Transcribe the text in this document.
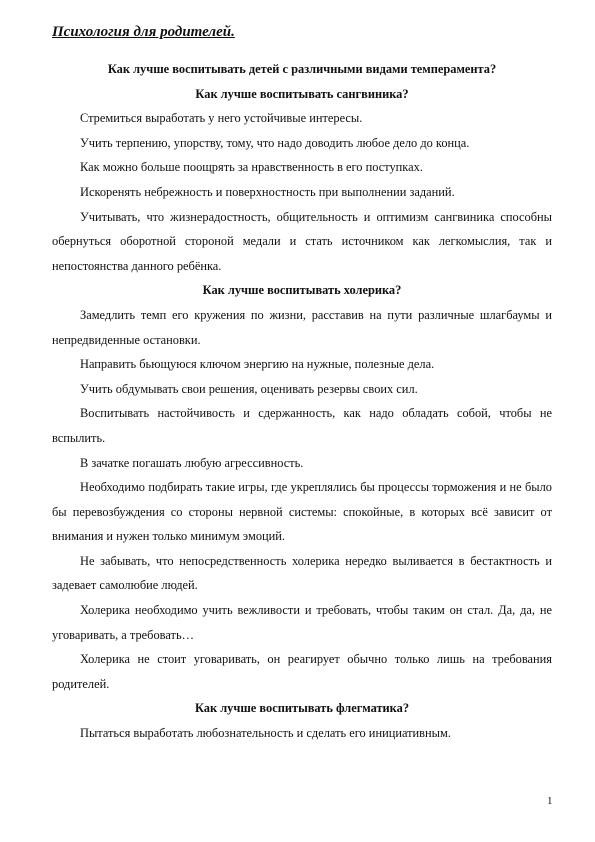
Психология для родителей.

Как лучше воспитывать детей с различными видами темперамента?

Как лучше воспитывать сангвиника?

Стремиться выработать у него устойчивые интересы.

Учить терпению, упорству, тому, что надо доводить любое дело до конца.

Как можно больше поощрять за нравственность в его поступках.

Искоренять небрежность и поверхностность при выполнении заданий.

Учитывать, что жизнерадостность, общительность и оптимизм сангвиника способны обернуться оборотной стороной медали и стать источником как легкомыслия, так и непостоянства данного ребёнка.

Как лучше воспитывать холерика?

Замедлить темп его кружения по жизни, расставив на пути различные шлагбаумы и непредвиденные остановки.

Направить бьющуюся ключом энергию на нужные, полезные дела.

Учить обдумывать свои решения, оценивать резервы своих сил.

Воспитывать настойчивость и сдержанность, как надо обладать собой, чтобы не вспылить.

В зачатке погашать любую агрессивность.

Необходимо подбирать такие игры, где укреплялись бы процессы торможения и не было бы перевозбуждения со стороны нервной системы: спокойные, в которых всё зависит от внимания и нужен только минимум эмоций.

Не забывать, что непосредственность холерика нередко выливается в бестактность и задевает самолюбие людей.

Холерика необходимо учить вежливости и требовать, чтобы таким он стал. Да, да, не уговаривать, а требовать…

Холерика не стоит уговаривать, он реагирует обычно только лишь на требования родителей.

Как лучше воспитывать флегматика?

Пытаться выработать любознательность и сделать его инициативным.

1
